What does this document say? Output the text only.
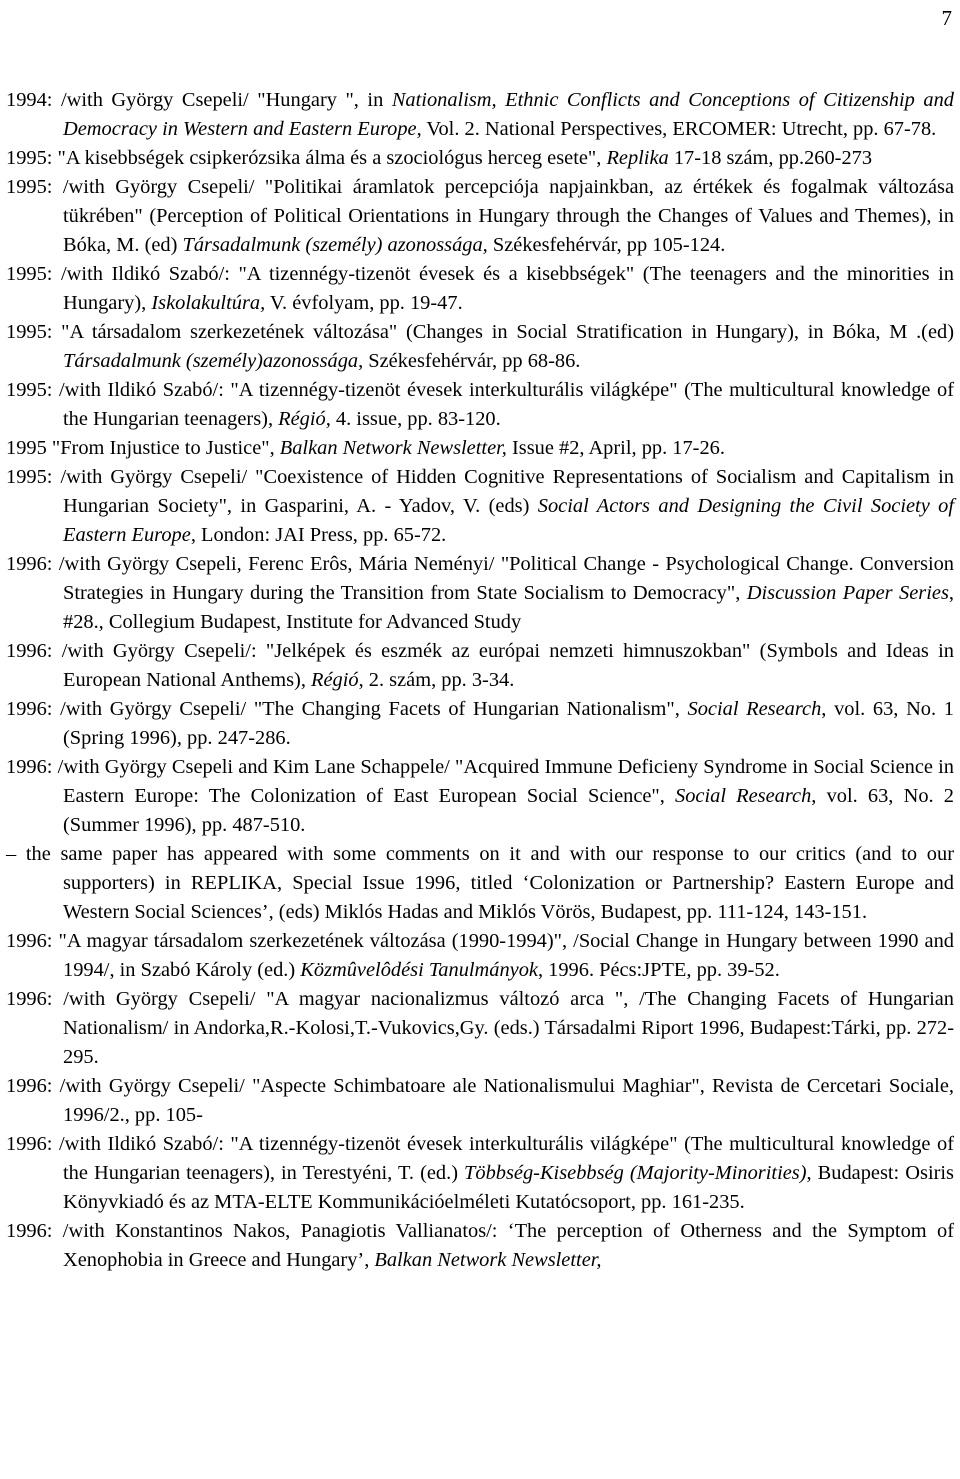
7

1994: /with György Csepeli/ "Hungary ", in Nationalism, Ethnic Conflicts and Conceptions of Citizenship and Democracy in Western and Eastern Europe, Vol. 2. National Perspectives, ERCOMER: Utrecht, pp. 67-78.

1995: "A kisebbségek csipkerózsika álma és a szociológus herceg esete", Replika 17-18 szám, pp.260-273

1995: /with György Csepeli/ "Politikai áramlatok percepciója napjainkban, az értékek és fogalmak változása tükrében" (Perception of Political Orientations in Hungary through the Changes of Values and Themes), in Bóka, M. (ed) Társadalmunk (személy) azonossága, Székesfehérvár, pp 105-124.

1995: /with Ildikó Szabó/: "A tizennégy-tizenöt évesek és a kisebbségek" (The teenagers and the minorities in Hungary), Iskolakultúra, V. évfolyam, pp. 19-47.

1995: "A társadalom szerkezetének változása" (Changes in Social Stratification in Hungary), in Bóka, M .(ed) Társadalmunk (személy)azonossága, Székesfehérvár, pp 68-86.

1995: /with Ildikó Szabó/: "A tizennégy-tizenöt évesek interkulturális világképe" (The multicultural knowledge of the Hungarian teenagers), Régió, 4. issue, pp. 83-120.

1995 "From Injustice to Justice", Balkan Network Newsletter, Issue #2, April, pp. 17-26.

1995: /with György Csepeli/ "Coexistence of Hidden Cognitive Representations of Socialism and Capitalism in Hungarian Society", in Gasparini, A. - Yadov, V. (eds) Social Actors and Designing the Civil Society of Eastern Europe, London: JAI Press, pp. 65-72.

1996: /with György Csepeli, Ferenc Erôs, Mária Neményi/ "Political Change - Psychological Change. Conversion Strategies in Hungary during the Transition from State Socialism to Democracy", Discussion Paper Series, #28., Collegium Budapest, Institute for Advanced Study

1996: /with György Csepeli/: "Jelképek és eszmék az európai nemzeti himnuszokban" (Symbols and Ideas in European National Anthems), Régió, 2. szám, pp. 3-34.

1996: /with György Csepeli/ "The Changing Facets of Hungarian Nationalism", Social Research, vol. 63, No. 1 (Spring 1996), pp. 247-286.

1996: /with György Csepeli and Kim Lane Schappele/ "Acquired Immune Deficieny Syndrome in Social Science in Eastern Europe: The Colonization of East European Social Science", Social Research, vol. 63, No. 2 (Summer 1996), pp. 487-510.

– the same paper has appeared with some comments on it and with our response to our critics (and to our supporters) in REPLIKA, Special Issue 1996, titled ‘Colonization or Partnership? Eastern Europe and Western Social Sciences’, (eds) Miklós Hadas and Miklós Vörös, Budapest, pp. 111-124, 143-151.

1996: "A magyar társadalom szerkezetének változása (1990-1994)", /Social Change in Hungary between 1990 and 1994/, in Szabó Károly (ed.) Közmûvelôdési Tanulmányok, 1996. Pécs:JPTE, pp. 39-52.

1996: /with György Csepeli/ "A magyar nacionalizmus változó arca ", /The Changing Facets of Hungarian Nationalism/ in Andorka,R.-Kolosi,T.-Vukovics,Gy. (eds.) Társadalmi Riport 1996, Budapest:Tárki, pp. 272-295.

1996: /with György Csepeli/ "Aspecte Schimbatoare ale Nationalismului Maghiar", Revista de Cercetari Sociale, 1996/2., pp. 105-

1996: /with Ildikó Szabó/: "A tizennégy-tizenöt évesek interkulturális világképe" (The multicultural knowledge of the Hungarian teenagers), in Terestyéni, T. (ed.) Többség-Kisebbség (Majority-Minorities), Budapest: Osiris Könyvkiadó és az MTA-ELTE Kommunikációelméleti Kutatócsoport, pp. 161-235.

1996: /with Konstantinos Nakos, Panagiotis Vallianatos/: ‘The perception of Otherness and the Symptom of Xenophobia in Greece and Hungary’, Balkan Network Newsletter,
